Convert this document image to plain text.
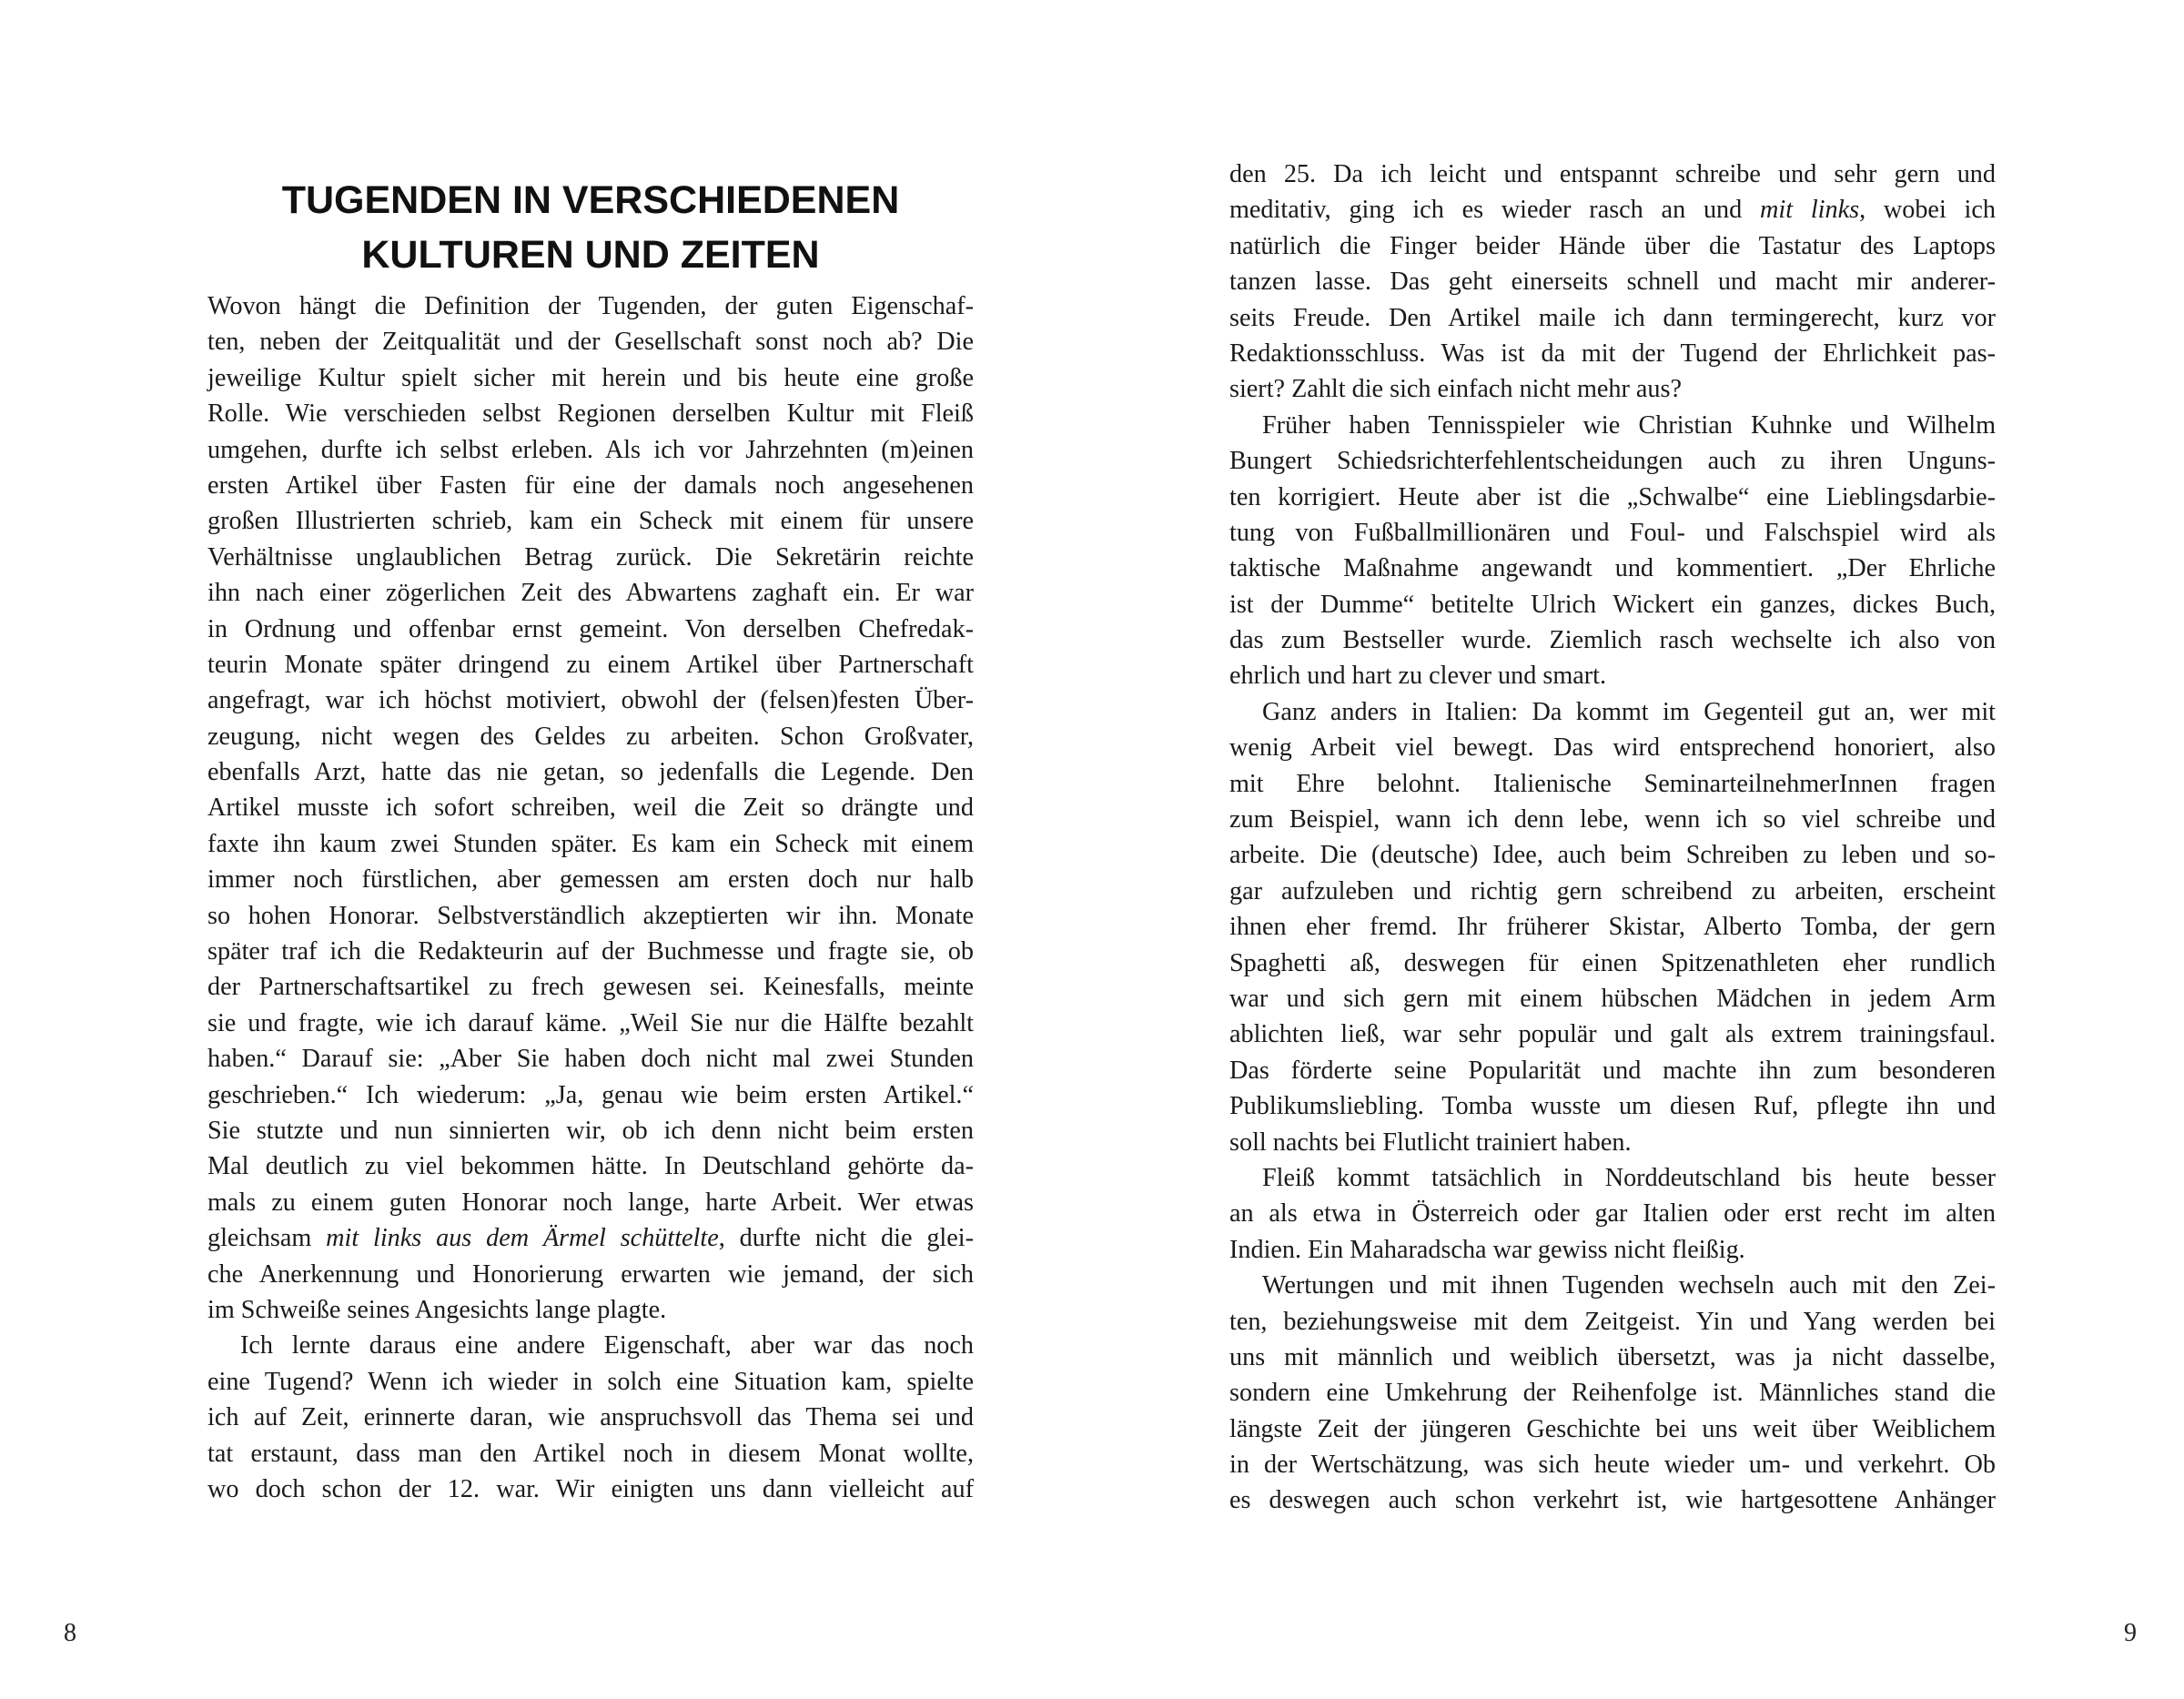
TUGENDEN IN VERSCHIEDENEN
KULTUREN UND ZEITEN
Wovon hängt die Definition der Tugenden, der guten Eigenschaf-
ten, neben der Zeitqualität und der Gesellschaft sonst noch ab? Die
jeweilige Kultur spielt sicher mit herein und bis heute eine große
Rolle. Wie verschieden selbst Regionen derselben Kultur mit Fleiß
umgehen, durfte ich selbst erleben. Als ich vor Jahrzehnten (m)einen
ersten Artikel über Fasten für eine der damals noch angesehenen
großen Illustrierten schrieb, kam ein Scheck mit einem für unsere
Verhältnisse unglaublichen Betrag zurück. Die Sekretärin reichte
ihn nach einer zögerlichen Zeit des Abwartens zaghaft ein. Er war
in Ordnung und offenbar ernst gemeint. Von derselben Chefredak-
teurin Monate später dringend zu einem Artikel über Partnerschaft
angefragt, war ich höchst motiviert, obwohl der (felsen)festen Über-
zeugung, nicht wegen des Geldes zu arbeiten. Schon Großvater,
ebenfalls Arzt, hatte das nie getan, so jedenfalls die Legende. Den
Artikel musste ich sofort schreiben, weil die Zeit so drängte und
faxte ihn kaum zwei Stunden später. Es kam ein Scheck mit einem
immer noch fürstlichen, aber gemessen am ersten doch nur halb
so hohen Honorar. Selbstverständlich akzeptierten wir ihn. Monate
später traf ich die Redakteurin auf der Buchmesse und fragte sie, ob
der Partnerschaftsartikel zu frech gewesen sei. Keinesfalls, meinte
sie und fragte, wie ich darauf käme. „Weil Sie nur die Hälfte bezahlt
haben.“ Darauf sie: „Aber Sie haben doch nicht mal zwei Stunden
geschrieben.“ Ich wiederum: „Ja, genau wie beim ersten Artikel.“
Sie stutzte und nun sinnierten wir, ob ich denn nicht beim ersten
Mal deutlich zu viel bekommen hätte. In Deutschland gehörte da-
mals zu einem guten Honorar noch lange, harte Arbeit. Wer etwas
gleichsam mit links aus dem Ärmel schüttelte, durfte nicht die glei-
che Anerkennung und Honorierung erwarten wie jemand, der sich
im Schweiße seines Angesichts lange plagte.
Ich lernte daraus eine andere Eigenschaft, aber war das noch
eine Tugend? Wenn ich wieder in solch eine Situation kam, spielte
ich auf Zeit, erinnerte daran, wie anspruchsvoll das Thema sei und
tat erstaunt, dass man den Artikel noch in diesem Monat wollte,
wo doch schon der 12. war. Wir einigten uns dann vielleicht auf
8
den 25. Da ich leicht und entspannt schreibe und sehr gern und
meditativ, ging ich es wieder rasch an und mit links, wobei ich
natürlich die Finger beider Hände über die Tastatur des Laptops
tanzen lasse. Das geht einerseits schnell und macht mir anderer-
seits Freude. Den Artikel maile ich dann termingerecht, kurz vor
Redaktionsschluss. Was ist da mit der Tugend der Ehrlichkeit pas-
siert? Zahlt die sich einfach nicht mehr aus?
Früher haben Tennisspieler wie Christian Kuhnke und Wilhelm
Bungert Schiedsrichterfehlentscheidungen auch zu ihren Unguns-
ten korrigiert. Heute aber ist die „Schwalbe“ eine Lieblingsdarbie-
tung von Fußballmillionären und Foul- und Falschspiel wird als
taktische Maßnahme angewandt und kommentiert. „Der Ehrliche
ist der Dumme“ betitelte Ulrich Wickert ein ganzes, dickes Buch,
das zum Bestseller wurde. Ziemlich rasch wechselte ich also von
ehrlich und hart zu clever und smart.
Ganz anders in Italien: Da kommt im Gegenteil gut an, wer mit
wenig Arbeit viel bewegt. Das wird entsprechend honoriert, also
mit Ehre belohnt. Italienische SeminarteilnehmerInnen fragen
zum Beispiel, wann ich denn lebe, wenn ich so viel schreibe und
arbeite. Die (deutsche) Idee, auch beim Schreiben zu leben und so-
gar aufzuleben und richtig gern schreibend zu arbeiten, erscheint
ihnen eher fremd. Ihr früherer Skistar, Alberto Tomba, der gern
Spaghetti aß, deswegen für einen Spitzenathleten eher rundlich
war und sich gern mit einem hübschen Mädchen in jedem Arm
ablichten ließ, war sehr populär und galt als extrem trainingsfaul.
Das förderte seine Popularität und machte ihn zum besonderen
Publikumsliebling. Tomba wusste um diesen Ruf, pflegte ihn und
soll nachts bei Flutlicht trainiert haben.
Fleiß kommt tatsächlich in Norddeutschland bis heute besser
an als etwa in Österreich oder gar Italien oder erst recht im alten
Indien. Ein Maharadscha war gewiss nicht fleißig.
Wertungen und mit ihnen Tugenden wechseln auch mit den Zei-
ten, beziehungsweise mit dem Zeitgeist. Yin und Yang werden bei
uns mit männlich und weiblich übersetzt, was ja nicht dasselbe,
sondern eine Umkehrung der Reihenfolge ist. Männliches stand die
längste Zeit der jüngeren Geschichte bei uns weit über Weiblichem
in der Wertschätzung, was sich heute wieder um- und verkehrt. Ob
es deswegen auch schon verkehrt ist, wie hartgesottene Anhänger
9
